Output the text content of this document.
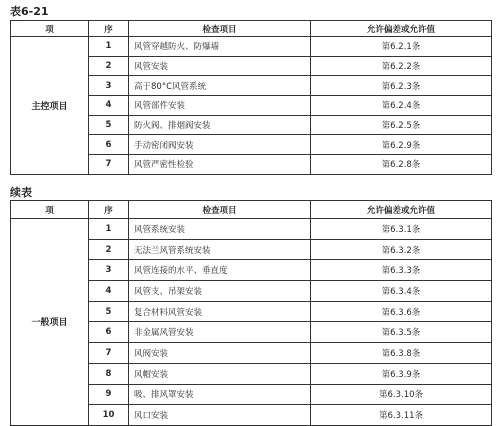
表6-21
项	序	检查项目	允许偏差或允许值
主控项目	1	风管穿越防火、防爆墙	第6.2.1条
	2	风管安装	第6.2.2条
	3	高于80°C风管系统	第6.2.3条
	4	风管部件安装	第6.2.4条
	5	防火阀、排烟阀安装	第6.2.5条
	6	手动密闭阀安装	第6.2.9条
	7	风管严密性检验	第6.2.8条
续表
项	序	检查项目	允许偏差或允许值
一般项目	1	风管系统安装	第6.3.1条
	2	无法兰风管系统安装	第6.3.2条
	3	风管连接的水平、垂直度	第6.3.3条
	4	风管支、吊架安装	第6.3.4条
	5	复合材料风管安装	第6.3.6条
	6	非金属风管安装	第6.3.5条
	7	风阀安装	第6.3.8条
	8	风帽安装	第6.3.9条
	9	吸、排风罩安装	第6.3.10条
	10	风口安装	第6.3.11条
